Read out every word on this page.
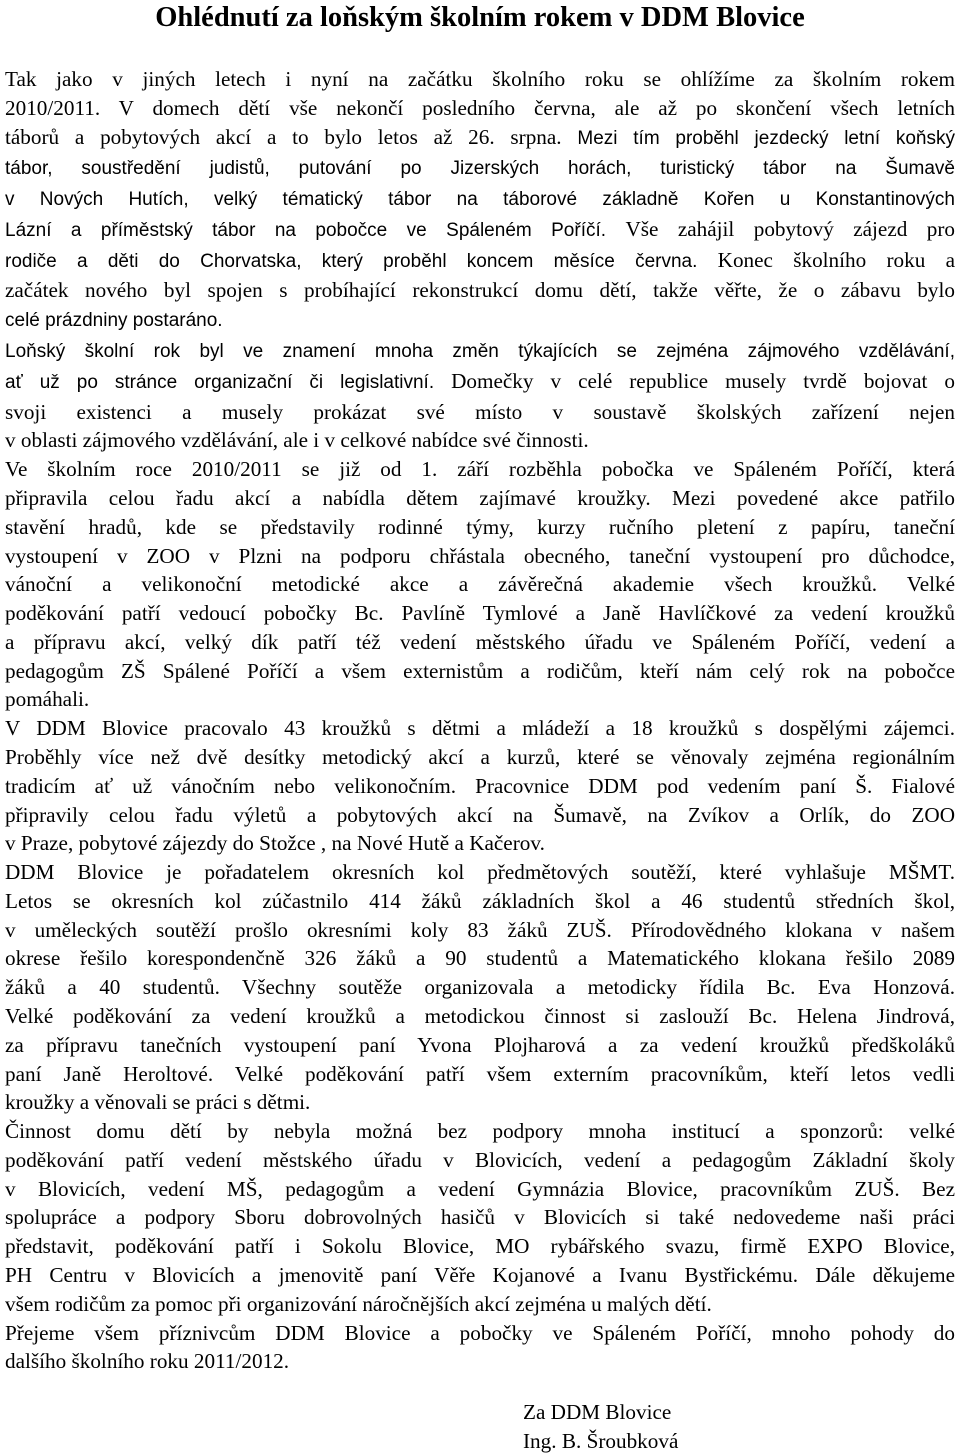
Ohlédnutí za loňským školním rokem v DDM Blovice
Tak jako v jiných letech i nyní na začátku školního roku se ohlížíme za školním rokem
2010/2011. V domech dětí vše nekončí posledního června, ale až po skončení všech letních
táborů a pobytových akcí a to bylo letos až 26. srpna. Mezi tím proběhl jezdecký letní koňský
tábor, soustředění judistů, putování po Jizerských horách, turistický tábor na Šumavě
v Nových Hutích, velký tématický tábor na táborové základně Kořen u Konstantinových
Lázní a příměstský tábor na pobočce ve Spáleném Poříčí. Vše zahájil pobytový zájezd pro
rodiče a děti do Chorvatska, který proběhl koncem měsíce června. Konec školního roku a
začátek nového byl spojen s probíhající rekonstrukcí domu dětí, takže věřte, že o zábavu bylo
celé prázdniny postaráno.
Loňský školní rok byl ve znamení mnoha změn týkajících se zejména zájmového vzdělávání,
ať už po stránce organizační či legislativní. Domečky v celé republice musely tvrdě bojovat o
svoji existenci a musely prokázat své místo v soustavě školských zařízení nejen
v oblasti zájmového vzdělávání, ale i v celkové nabídce své činnosti.
Ve školním roce 2010/2011 se již od 1. září rozběhla pobočka ve Spáleném Poříčí, která
připravila celou řadu akcí a nabídla dětem zajímavé kroužky. Mezi povedené akce patřilo
stavění hradů, kde se představily rodinné týmy, kurzy ručního pletení z papíru, taneční
vystoupení v ZOO v Plzni na podporu chřástala obecného, taneční vystoupení pro důchodce,
vánoční a velikonoční metodické akce a závěrečná akademie všech kroužků. Velké
poděkování patří vedoucí pobočky Bc. Pavlíně Tymlové a Janě Havlíčkové za vedení kroužků
a přípravu akcí, velký dík patří též vedení městského úřadu ve Spáleném Poříčí, vedení a
pedagogům ZŠ Spálené Poříčí a všem externistům a rodičům, kteří nám celý rok na pobočce
pomáhali.
V DDM Blovice pracovalo 43 kroužků s dětmi a mládeží a 18 kroužků s dospělými zájemci.
Proběhly více než dvě desítky metodický akcí a kurzů, které se věnovaly zejména regionálním
tradicím ať už vánočním nebo velikonočním. Pracovnice DDM pod vedením paní Š. Fialové
připravily celou řadu výletů a pobytových akcí na Šumavě, na Zvíkov a Orlík, do ZOO
v Praze, pobytové zájezdy do Stožce , na Nové Hutě a Kačerov.
DDM Blovice je pořadatelem okresních kol předmětových soutěží, které vyhlašuje MŠMT.
Letos se okresních kol zúčastnilo 414 žáků základních škol a 46 studentů středních škol,
v uměleckých soutěží prošlo okresními koly 83 žáků ZUŠ. Přírodovědného klokana v našem
okrese řešilo korespondenčně 326 žáků a 90 studentů a Matematického klokana řešilo 2089
žáků a 40 studentů. Všechny soutěže organizovala a metodicky řídila Bc. Eva Honzová.
Velké poděkování za vedení kroužků a metodickou činnost si zaslouží Bc. Helena Jindrová,
za přípravu tanečních vystoupení paní Yvona Plojharová a za vedení kroužků předškoláků
paní Janě Heroltové. Velké poděkování patří všem externím pracovníkům, kteří letos vedli
kroužky a věnovali se práci s dětmi.
Činnost domu dětí by nebyla možná bez podpory mnoha institucí a sponzorů: velké
poděkování patří vedení městského úřadu v Blovicích, vedení a pedagogům Základní školy
v Blovicích, vedení MŠ, pedagogům a vedení Gymnázia Blovice, pracovníkům ZUŠ. Bez
spolupráce a podpory Sboru dobrovolných hasičů v Blovicích si také nedovedeme naši práci
představit, poděkování patří i Sokolu Blovice, MO rybářského svazu, firmě EXPO Blovice,
PH Centru v Blovicích a jmenovitě paní Věře Kojanové a Ivanu Bystřickému. Dále děkujeme
všem rodičům za pomoc při organizování náročnějších akcí zejména u malých dětí.
Přejeme všem příznivcům DDM Blovice a pobočky ve Spáleném Poříčí, mnoho pohody do
dalšího školního roku 2011/2012.
Za DDM Blovice
Ing. B. Šroubková
